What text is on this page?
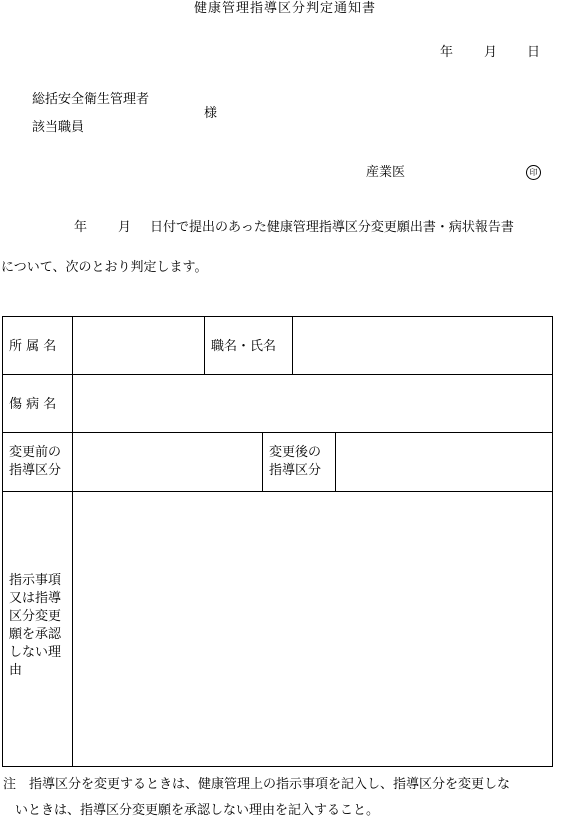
健康管理指導区分判定通知書
年 月 日
総括安全衛生管理者
該当職員
様
産業医	印
年 月 日付で提出のあった健康管理指導区分変更願出書・病状報告書
について、次のとおり判定します。
所 属 名	職名・氏名
傷 病 名
変更前の
指導区分
変更後の
指導区分
指示事項
又は指導
区分変更
願を承認
しない理
由
注　指導区分を変更するときは、健康管理上の指示事項を記入し、指導区分を変更しな
いときは、指導区分変更願を承認しない理由を記入すること。
